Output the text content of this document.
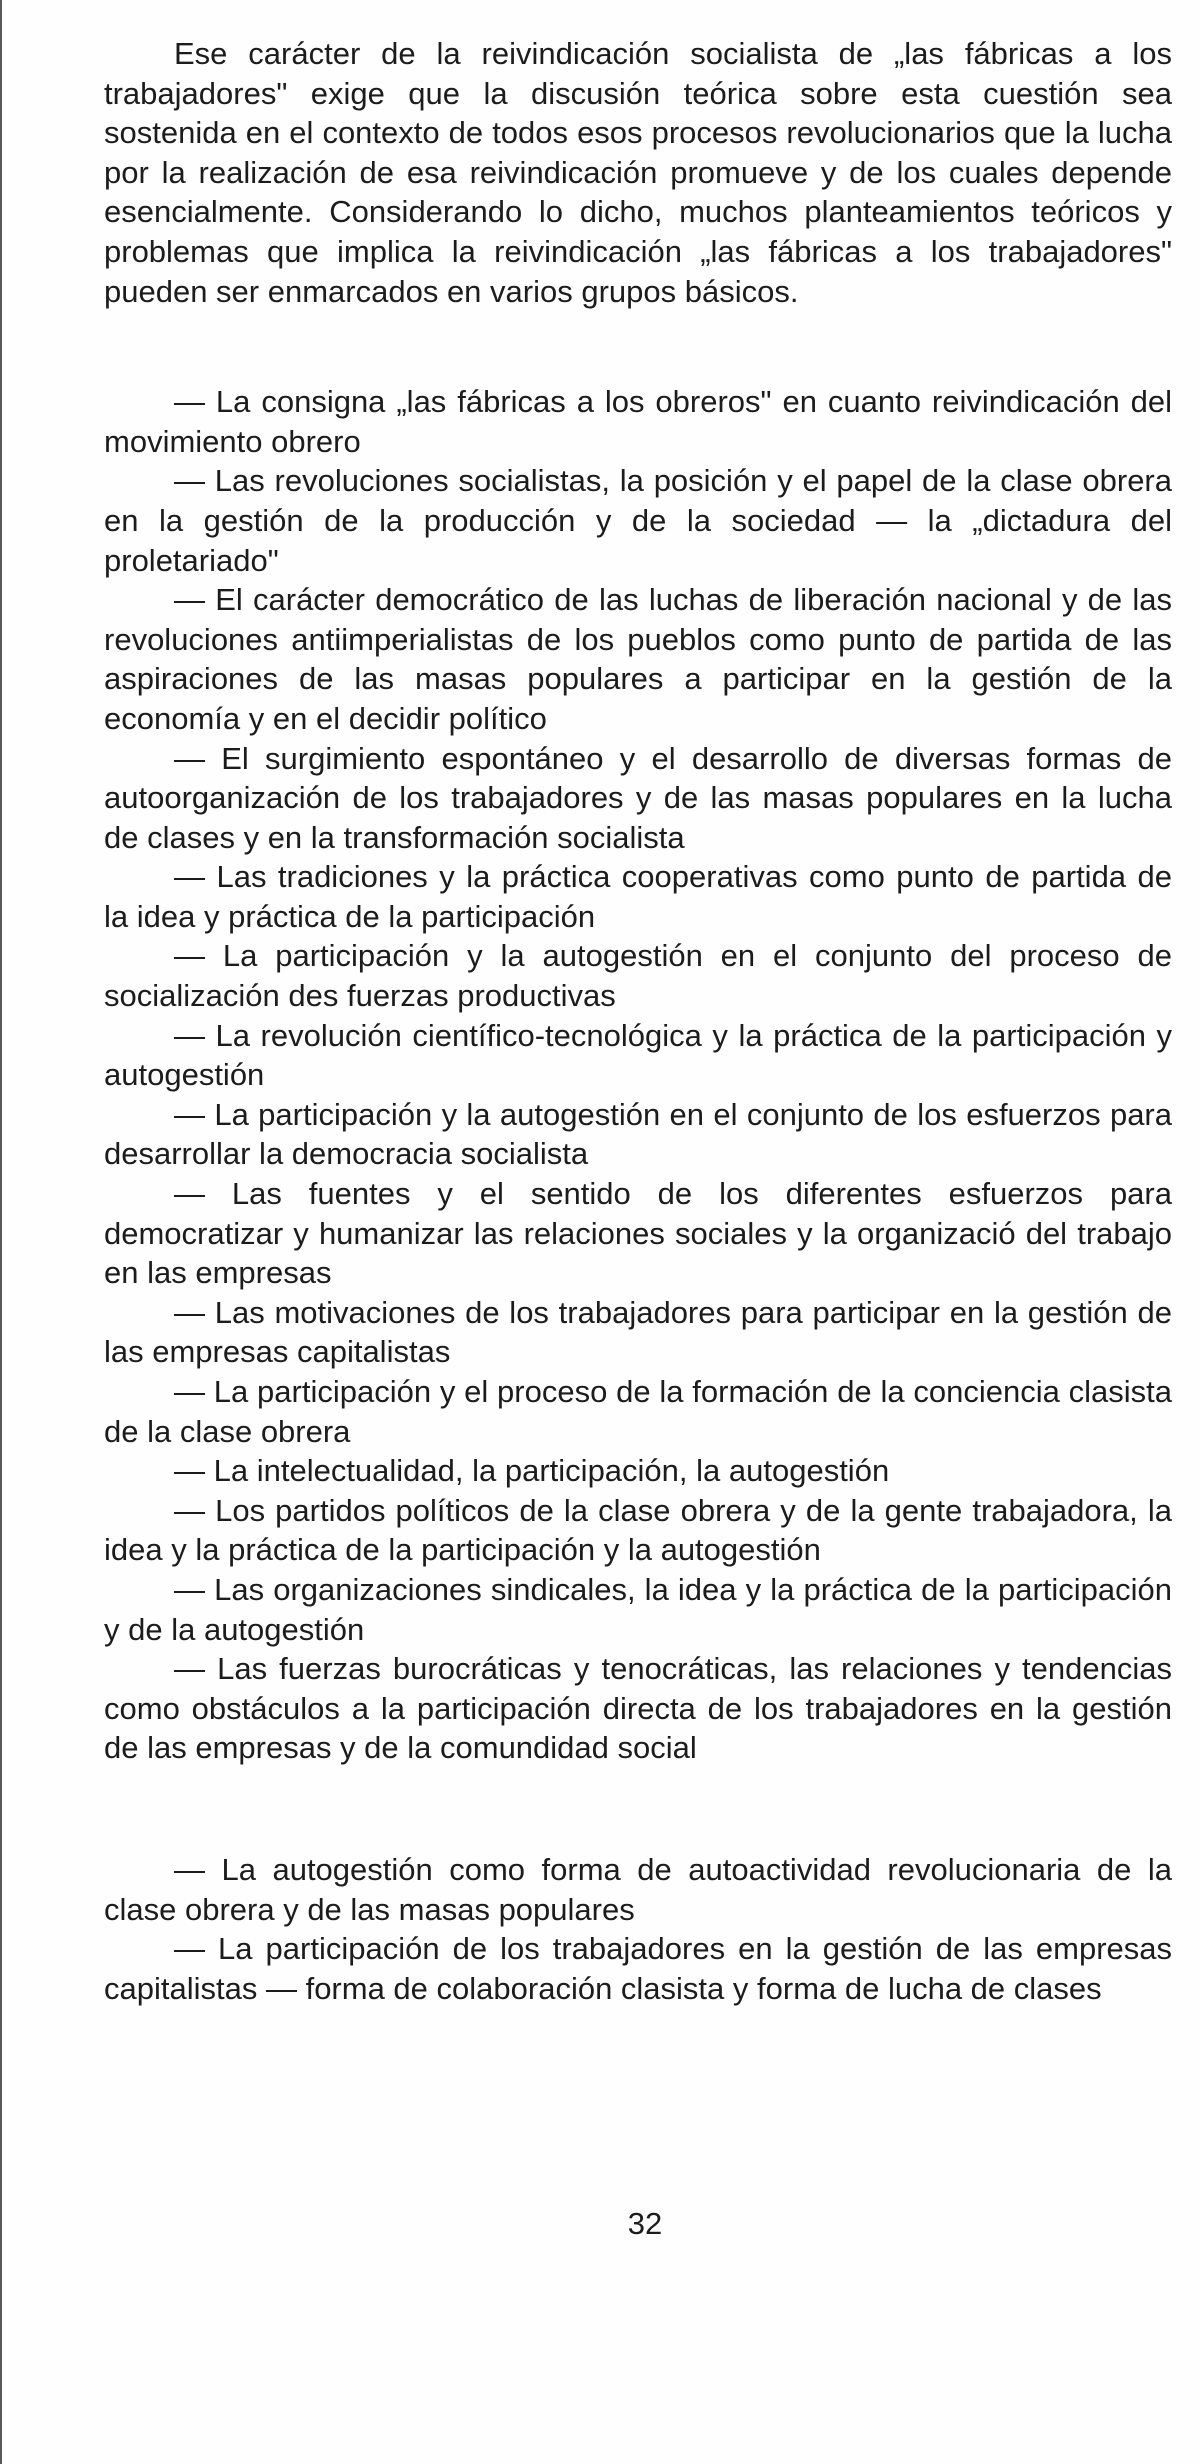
Ese carácter de la reivindicación socialista de „las fábricas a los trabajadores" exige que la discusión teórica sobre esta cuestión sea sostenida en el contexto de todos esos procesos revolucionarios que la lucha por la realización de esa reivindicación promueve y de los cuales depende esencialmente. Considerando lo dicho, muchos planteamientos teóricos y problemas que implica la reivindicación „las fábricas a los trabajadores" pueden ser enmarcados en varios grupos básicos.

— La consigna „las fábricas a los obreros" en cuanto reivindicación del movimiento obrero
— Las revoluciones socialistas, la posición y el papel de la clase obrera en la gestión de la producción y de la sociedad — la „dictadura del proletariado"
— El carácter democrático de las luchas de liberación nacional y de las revoluciones antiimperialistas de los pueblos como punto de partida de las aspiraciones de las masas populares a participar en la gestión de la economía y en el decidir político
— El surgimiento espontáneo y el desarrollo de diversas formas de autoorganización de los trabajadores y de las masas populares en la lucha de clases y en la transformación socialista
— Las tradiciones y la práctica cooperativas como punto de partida de la idea y práctica de la participación
— La participación y la autogestión en el conjunto del proceso de socialización des fuerzas productivas
— La revolución científico-tecnológica y la práctica de la participación y autogestión
— La participación y la autogestión en el conjunto de los esfuerzos para desarrollar la democracia socialista
— Las fuentes y el sentido de los diferentes esfuerzos para democratizar y humanizar las relaciones sociales y la organizació del trabajo en las empresas
— Las motivaciones de los trabajadores para participar en la gestión de las empresas capitalistas
— La participación y el proceso de la formación de la conciencia clasista de la clase obrera
— La intelectualidad, la participación, la autogestión
— Los partidos políticos de la clase obrera y de la gente trabajadora, la idea y la práctica de la participación y la autogestión
— Las organizaciones sindicales, la idea y la práctica de la participación y de la autogestión
— Las fuerzas burocráticas y tenocráticas, las relaciones y tendencias como obstáculos a la participación directa de los trabajadores en la gestión de las empresas y de la comundidad social
— La autogestión como forma de autoactividad revolucionaria de la clase obrera y de las masas populares
— La participación de los trabajadores en la gestión de las empresas capitalistas — forma de colaboración clasista y forma de lucha de clases
32
